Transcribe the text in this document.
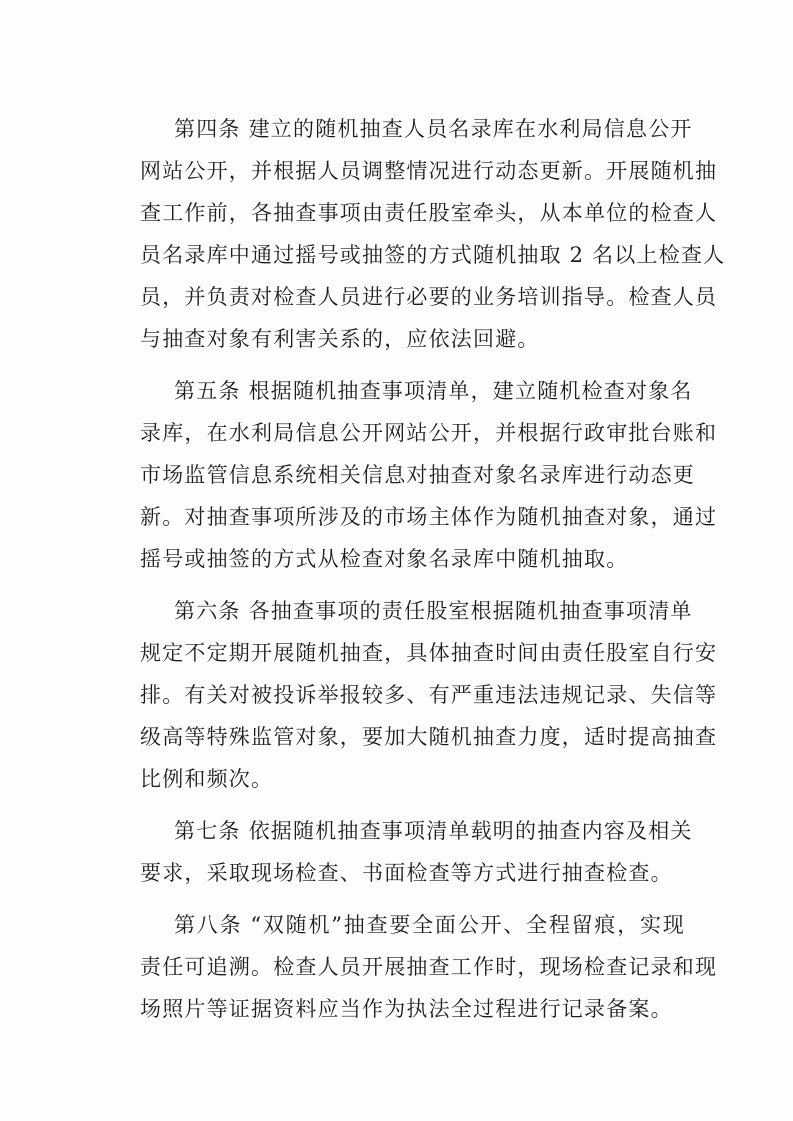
第四条 建立的随机抽查人员名录库在水利局信息公开
网站公开，并根据人员调整情况进行动态更新。开展随机抽
查工作前，各抽查事项由责任股室牵头，从本单位的检查人
员名录库中通过摇号或抽签的方式随机抽取 2 名以上检查人
员，并负责对检查人员进行必要的业务培训指导。检查人员
与抽查对象有利害关系的，应依法回避。
第五条 根据随机抽查事项清单，建立随机检查对象名
录库，在水利局信息公开网站公开，并根据行政审批台账和
市场监管信息系统相关信息对抽查对象名录库进行动态更
新。对抽查事项所涉及的市场主体作为随机抽查对象，通过
摇号或抽签的方式从检查对象名录库中随机抽取。
第六条 各抽查事项的责任股室根据随机抽查事项清单
规定不定期开展随机抽查，具体抽查时间由责任股室自行安
排。有关对被投诉举报较多、有严重违法违规记录、失信等
级高等特殊监管对象，要加大随机抽查力度，适时提高抽查
比例和频次。
第七条 依据随机抽查事项清单载明的抽查内容及相关
要求，采取现场检查、书面检查等方式进行抽查检查。
第八条 “双随机”抽查要全面公开、全程留痕，实现
责任可追溯。检查人员开展抽查工作时，现场检查记录和现
场照片等证据资料应当作为执法全过程进行记录备案。
